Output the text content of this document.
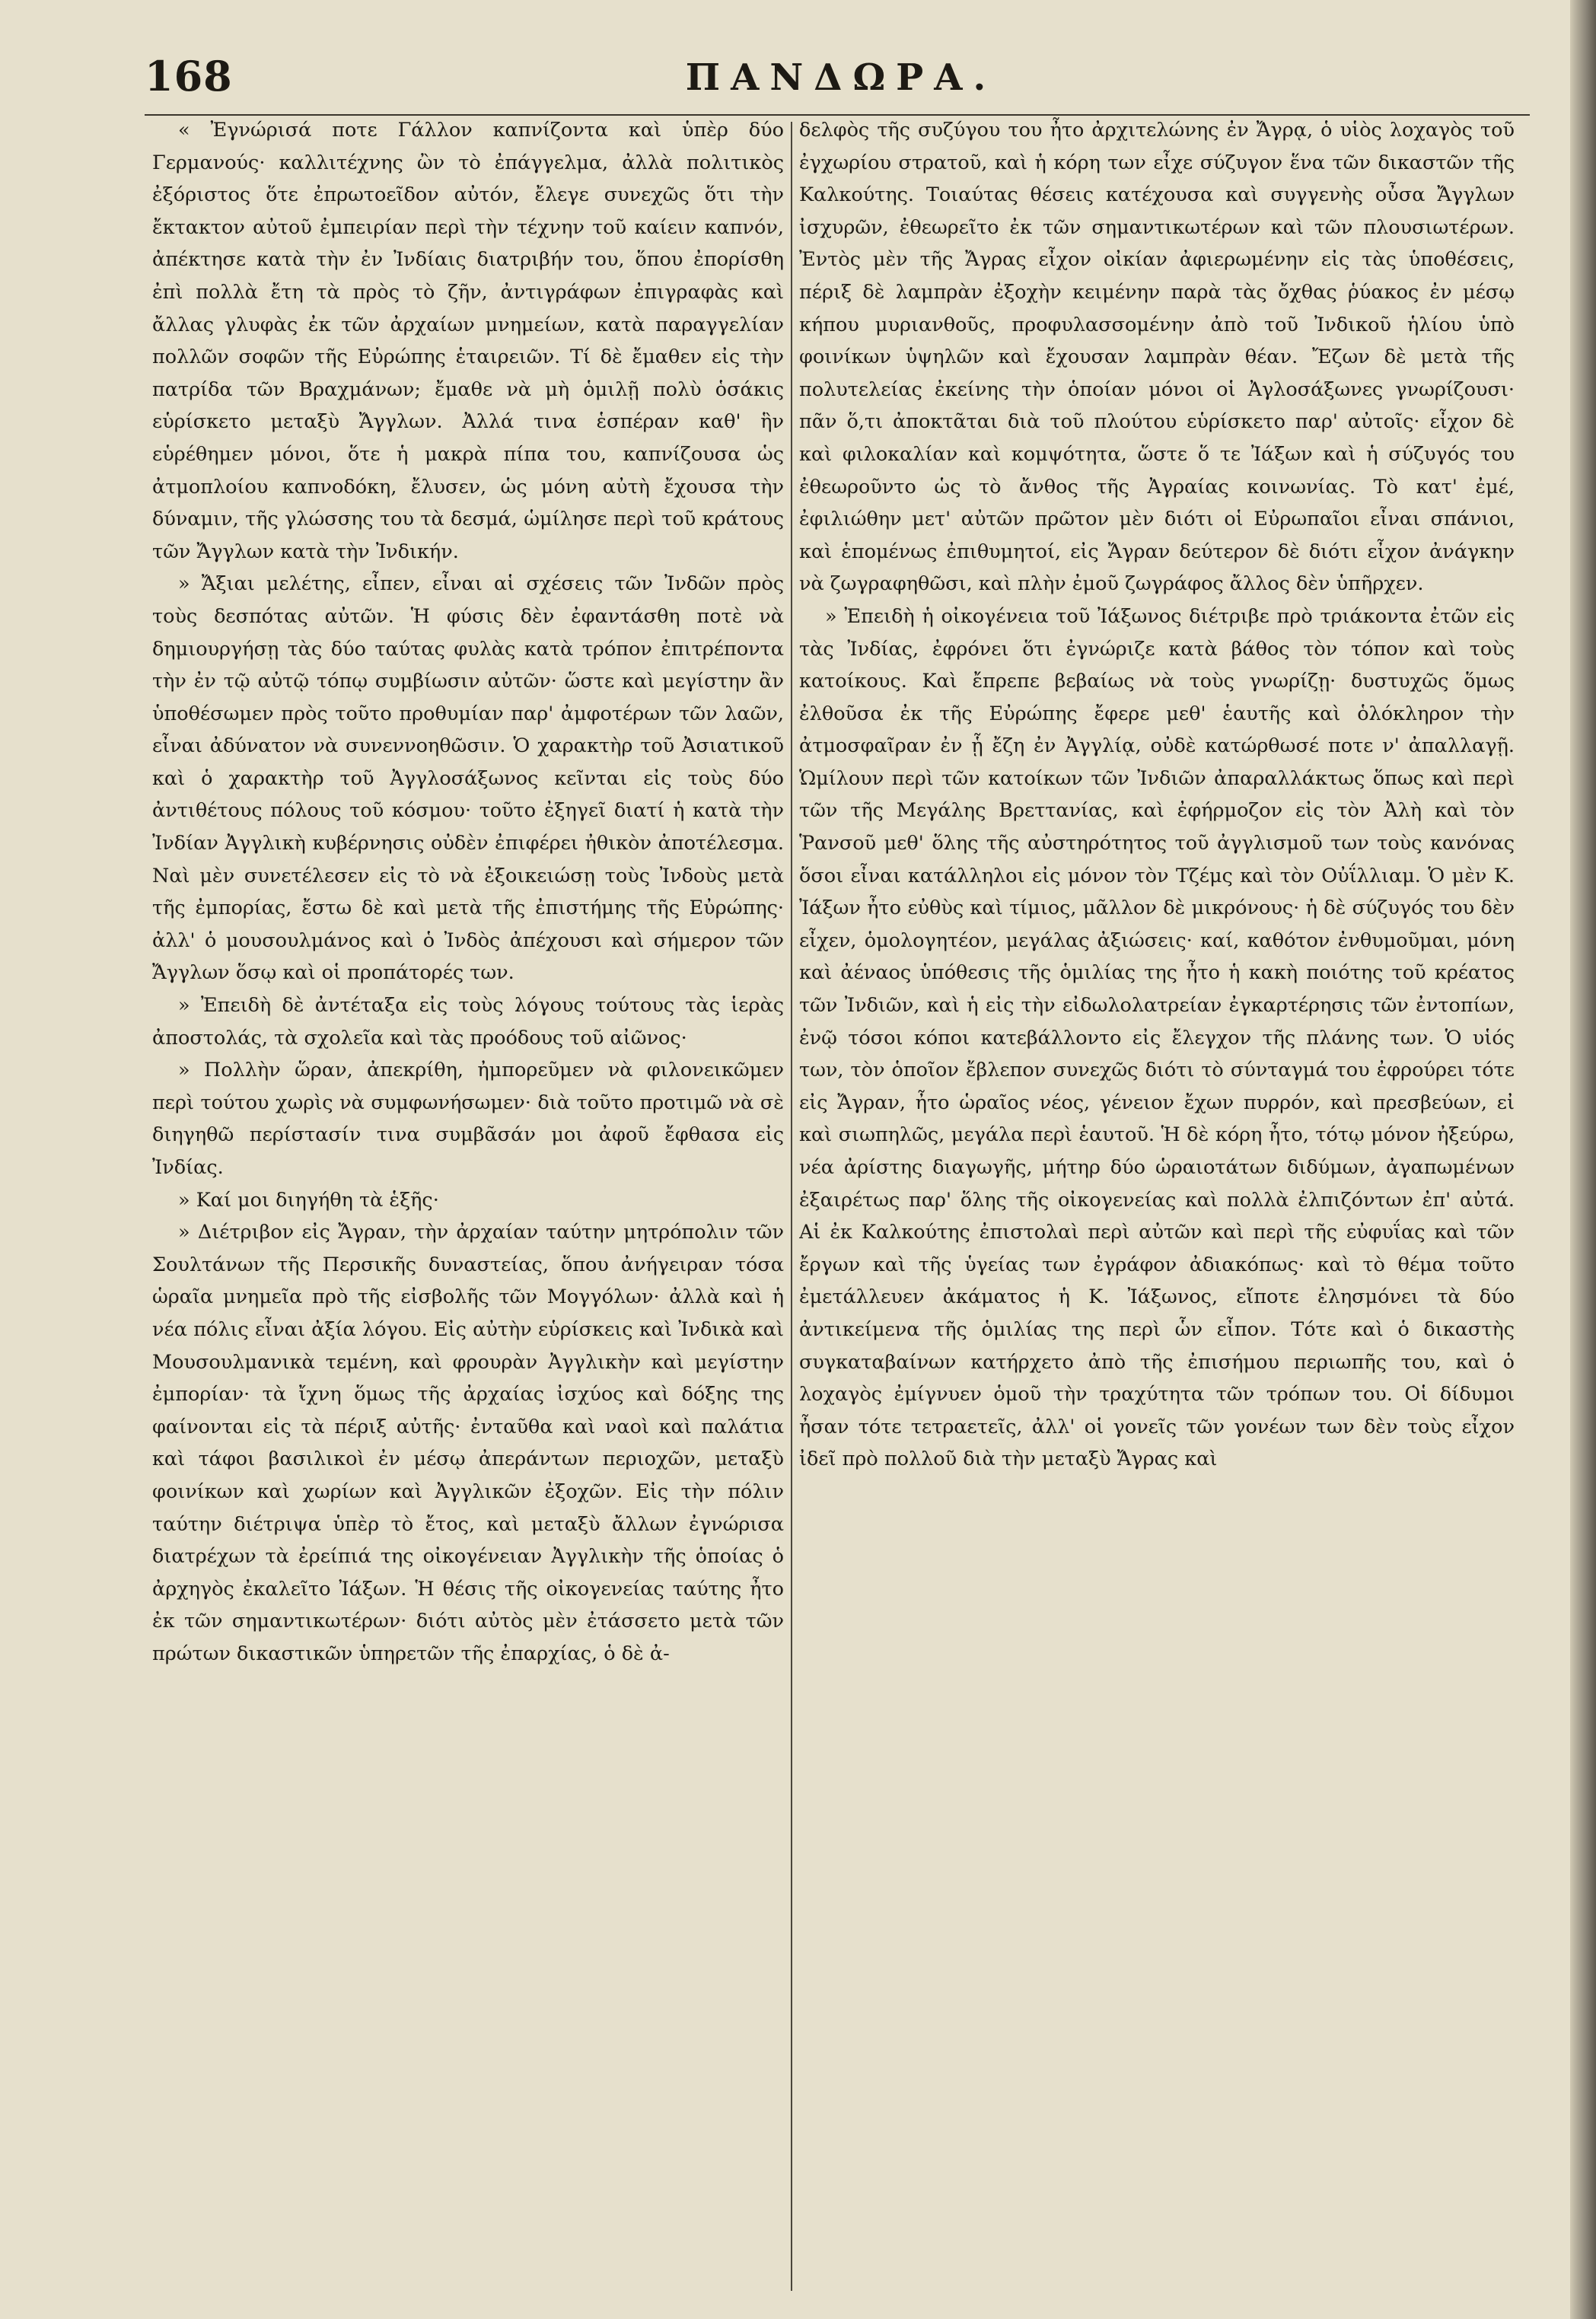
168	ΠΑΝΔΩΡΑ.

« Ἐγνώρισά ποτε Γάλλον καπνίζοντα καὶ ὑπὲρ δύο Γερμανούς· καλλιτέχνης ὢν τὸ ἐπάγγελμα, ἀλλὰ πολιτικὸς ἐξόριστος ὅτε ἐπρωτοεῖδον αὐτόν, ἔλεγε συνεχῶς ὅτι τὴν ἔκτακτον αὐτοῦ ἐμπειρίαν περὶ τὴν τέχνην τοῦ καίειν καπνόν, ἀπέκτησε κατὰ τὴν ἐν Ἰνδίαις διατριβήν του, ὅπου ἐπορίσθη ἐπὶ πολλὰ ἔτη τὰ πρὸς τὸ ζῆν, ἀντιγράφων ἐπιγραφὰς καὶ ἄλλας γλυφὰς ἐκ τῶν ἀρχαίων μνημείων, κατὰ παραγγελίαν πολλῶν σοφῶν τῆς Εὐρώπης ἑταιρειῶν. Τί δὲ ἔμαθεν εἰς τὴν πατρίδα τῶν Βραχμάνων; ἔμαθε νὰ μὴ ὁμιλῇ πολὺ ὁσάκις εὑρίσκετο μεταξὺ Ἄγγλων. Ἀλλά τινα ἑσπέραν καθ' ἣν εὑρέθημεν μόνοι, ὅτε ἡ μακρὰ πίπα του, καπνίζουσα ὡς ἀτμοπλοίου καπνοδόκη, ἔλυσεν, ὡς μόνη αὐτὴ ἔχουσα τὴν δύναμιν, τῆς γλώσσης του τὰ δεσμά, ὡμίλησε περὶ τοῦ κράτους τῶν Ἄγγλων κατὰ τὴν Ἰνδικήν.

» Ἄξιαι μελέτης, εἶπεν, εἶναι αἱ σχέσεις τῶν Ἰνδῶν πρὸς τοὺς δεσπότας αὐτῶν. Ἡ φύσις δὲν ἐφαντάσθη ποτὲ νὰ δημιουργήσῃ τὰς δύο ταύτας φυλὰς κατὰ τρόπον ἐπιτρέποντα τὴν ἐν τῷ αὐτῷ τόπῳ συμβίωσιν αὐτῶν· ὥστε καὶ μεγίστην ἂν ὑποθέσωμεν πρὸς τοῦτο προθυμίαν παρ' ἀμφοτέρων τῶν λαῶν, εἶναι ἀδύνατον νὰ συνεννοηθῶσιν. Ὁ χαρακτὴρ τοῦ Ἀσιατικοῦ καὶ ὁ χαρακτὴρ τοῦ Ἀγγλοσάξωνος κεῖνται εἰς τοὺς δύο ἀντιθέτους πόλους τοῦ κόσμου· τοῦτο ἐξηγεῖ διατί ἡ κατὰ τὴν Ἰνδίαν Ἀγγλικὴ κυβέρνησις οὐδὲν ἐπιφέρει ἠθικὸν ἀποτέλεσμα. Ναὶ μὲν συνετέλεσεν εἰς τὸ νὰ ἐξοικειώσῃ τοὺς Ἰνδοὺς μετὰ τῆς ἐμπορίας, ἔστω δὲ καὶ μετὰ τῆς ἐπιστήμης τῆς Εὐρώπης· ἀλλ' ὁ μουσουλμάνος καὶ ὁ Ἰνδὸς ἀπέχουσι καὶ σήμερον τῶν Ἄγγλων ὅσῳ καὶ οἱ προπάτορές των.

» Ἐπειδὴ δὲ ἀντέταξα εἰς τοὺς λόγους τούτους τὰς ἱερὰς ἀποστολάς, τὰ σχολεῖα καὶ τὰς προόδους τοῦ αἰῶνος·

» Πολλὴν ὥραν, ἀπεκρίθη, ἠμπορεῦμεν νὰ φιλονεικῶμεν περὶ τούτου χωρὶς νὰ συμφωνήσωμεν· διὰ τοῦτο προτιμῶ νὰ σὲ διηγηθῶ περίστασίν τινα συμβᾶσάν μοι ἀφοῦ ἔφθασα εἰς Ἰνδίας.

» Καί μοι διηγήθη τὰ ἑξῆς·

» Διέτριβον εἰς Ἄγραν, τὴν ἀρχαίαν ταύτην μητρόπολιν τῶν Σουλτάνων τῆς Περσικῆς δυναστείας, ὅπου ἀνήγειραν τόσα ὡραῖα μνημεῖα πρὸ τῆς εἰσβολῆς τῶν Μογγόλων· ἀλλὰ καὶ ἡ νέα πόλις εἶναι ἀξία λόγου. Εἰς αὐτὴν εὑρίσκεις καὶ Ἰνδικὰ καὶ Μουσουλμανικὰ τεμένη, καὶ φρουρὰν Ἀγγλικὴν καὶ μεγίστην ἐμπορίαν· τὰ ἴχνη ὅμως τῆς ἀρχαίας ἰσχύος καὶ δόξης της φαίνονται εἰς τὰ πέριξ αὐτῆς· ἐνταῦθα καὶ ναοὶ καὶ παλάτια καὶ τάφοι βασιλικοὶ ἐν μέσῳ ἀπεράντων περιοχῶν, μεταξὺ φοινίκων καὶ χωρίων καὶ Ἀγγλικῶν ἐξοχῶν. Εἰς τὴν πόλιν ταύτην διέτριψα ὑπὲρ τὸ ἔτος, καὶ μεταξὺ ἄλλων ἐγνώρισα διατρέχων τὰ ἐρείπιά της οἰκογένειαν Ἀγγλικὴν τῆς ὁποίας ὁ ἀρχηγὸς ἐκαλεῖτο Ἰάξων. Ἡ θέσις τῆς οἰκογενείας ταύτης ἦτο ἐκ τῶν σημαντικωτέρων· διότι αὐτὸς μὲν ἐτάσσετο μετὰ τῶν πρώτων δικαστικῶν ὑπηρετῶν τῆς ἐπαρχίας, ὁ δὲ ἀ-

δελφὸς τῆς συζύγου του ἦτο ἀρχιτελώνης ἐν Ἄγρᾳ, ὁ υἱὸς λοχαγὸς τοῦ ἐγχωρίου στρατοῦ, καὶ ἡ κόρη των εἶχε σύζυγον ἕνα τῶν δικαστῶν τῆς Καλκούτης. Τοιαύτας θέσεις κατέχουσα καὶ συγγενὴς οὖσα Ἄγγλων ἰσχυρῶν, ἐθεωρεῖτο ἐκ τῶν σημαντικωτέρων καὶ τῶν πλουσιωτέρων. Ἐντὸς μὲν τῆς Ἄγρας εἶχον οἰκίαν ἀφιερωμένην εἰς τὰς ὑποθέσεις, πέριξ δὲ λαμπρὰν ἐξοχὴν κειμένην παρὰ τὰς ὄχθας ῥύακος ἐν μέσῳ κήπου μυριανθοῦς, προφυλασσομένην ἀπὸ τοῦ Ἰνδικοῦ ἡλίου ὑπὸ φοινίκων ὑψηλῶν καὶ ἔχουσαν λαμπρὰν θέαν. Ἔζων δὲ μετὰ τῆς πολυτελείας ἐκείνης τὴν ὁποίαν μόνοι οἱ Ἀγλοσάξωνες γνωρίζουσι· πᾶν ὅ,τι ἀποκτᾶται διὰ τοῦ πλούτου εὑρίσκετο παρ' αὐτοῖς· εἶχον δὲ καὶ φιλοκαλίαν καὶ κομψότητα, ὥστε ὅ τε Ἰάξων καὶ ἡ σύζυγός του ἐθεωροῦντο ὡς τὸ ἄνθος τῆς Ἀγραίας κοινωνίας. Τὸ κατ' ἐμέ, ἐφιλιώθην μετ' αὐτῶν πρῶτον μὲν διότι οἱ Εὐρωπαῖοι εἶναι σπάνιοι, καὶ ἑπομένως ἐπιθυμητοί, εἰς Ἄγραν δεύτερον δὲ διότι εἶχον ἀνάγκην νὰ ζωγραφηθῶσι, καὶ πλὴν ἐμοῦ ζωγράφος ἄλλος δὲν ὑπῆρχεν.

» Ἐπειδὴ ἡ οἰκογένεια τοῦ Ἰάξωνος διέτριβε πρὸ τριάκοντα ἐτῶν εἰς τὰς Ἰνδίας, ἐφρόνει ὅτι ἐγνώριζε κατὰ βάθος τὸν τόπον καὶ τοὺς κατοίκους. Καὶ ἔπρεπε βεβαίως νὰ τοὺς γνωρίζῃ· δυστυχῶς ὅμως ἐλθοῦσα ἐκ τῆς Εὐρώπης ἔφερε μεθ' ἑαυτῆς καὶ ὁλόκληρον τὴν ἀτμοσφαῖραν ἐν ᾗ ἔζη ἐν Ἀγγλίᾳ, οὐδὲ κατώρθωσέ ποτε ν' ἀπαλλαγῇ. Ὡμίλουν περὶ τῶν κατοίκων τῶν Ἰνδιῶν ἀπαραλλάκτως ὅπως καὶ περὶ τῶν τῆς Μεγάλης Βρεττανίας, καὶ ἐφήρμοζον εἰς τὸν Ἀλὴ καὶ τὸν Ῥανσοῦ μεθ' ὅλης τῆς αὐστηρότητος τοῦ ἀγγλισμοῦ των τοὺς κανόνας ὅσοι εἶναι κατάλληλοι εἰς μόνον τὸν Τζέμς καὶ τὸν Οὐΐλλιαμ. Ὁ μὲν Κ. Ἰάξων ἦτο εὐθὺς καὶ τίμιος, μᾶλλον δὲ μικρόνους· ἡ δὲ σύζυγός του δὲν εἶχεν, ὁμολογητέον, μεγάλας ἀξιώσεις· καί, καθότον ἐνθυμοῦμαι, μόνη καὶ ἀέναος ὑπόθεσις τῆς ὁμιλίας της ἦτο ἡ κακὴ ποιότης τοῦ κρέατος τῶν Ἰνδιῶν, καὶ ἡ εἰς τὴν εἰδωλολατρείαν ἐγκαρτέρησις τῶν ἐντοπίων, ἐνῷ τόσοι κόποι κατεβάλλοντο εἰς ἔλεγχον τῆς πλάνης των. Ὁ υἱός των, τὸν ὁποῖον ἔβλεπον συνεχῶς διότι τὸ σύνταγμά του ἐφρούρει τότε εἰς Ἄγραν, ἦτο ὡραῖος νέος, γένειον ἔχων πυρρόν, καὶ πρεσβεύων, εἰ καὶ σιωπηλῶς, μεγάλα περὶ ἑαυτοῦ. Ἡ δὲ κόρη ἦτο, τότῳ μόνον ἠξεύρω, νέα ἀρίστης διαγωγῆς, μήτηρ δύο ὡραιοτάτων διδύμων, ἀγαπωμένων ἐξαιρέτως παρ' ὅλης τῆς οἰκογενείας καὶ πολλὰ ἐλπιζόντων ἐπ' αὐτά. Αἱ ἐκ Καλκούτης ἐπιστολαὶ περὶ αὐτῶν καὶ περὶ τῆς εὐφυΐας καὶ τῶν ἔργων καὶ τῆς ὑγείας των ἐγράφον ἀδιακόπως· καὶ τὸ θέμα τοῦτο ἐμετάλλευεν ἀκάματος ἡ Κ. Ἰάξωνος, εἴποτε ἐλησμόνει τὰ δύο ἀντικείμενα τῆς ὁμιλίας της περὶ ὧν εἶπον. Τότε καὶ ὁ δικαστὴς συγκαταβαίνων κατήρχετο ἀπὸ τῆς ἐπισήμου περιωπῆς του, καὶ ὁ λοχαγὸς ἐμίγνυεν ὁμοῦ τὴν τραχύτητα τῶν τρόπων του. Οἱ δίδυμοι ἦσαν τότε τετραετεῖς, ἀλλ' οἱ γονεῖς τῶν γονέων των δὲν τοὺς εἶχον ἰδεῖ πρὸ πολλοῦ διὰ τὴν μεταξὺ Ἄγρας καὶ
